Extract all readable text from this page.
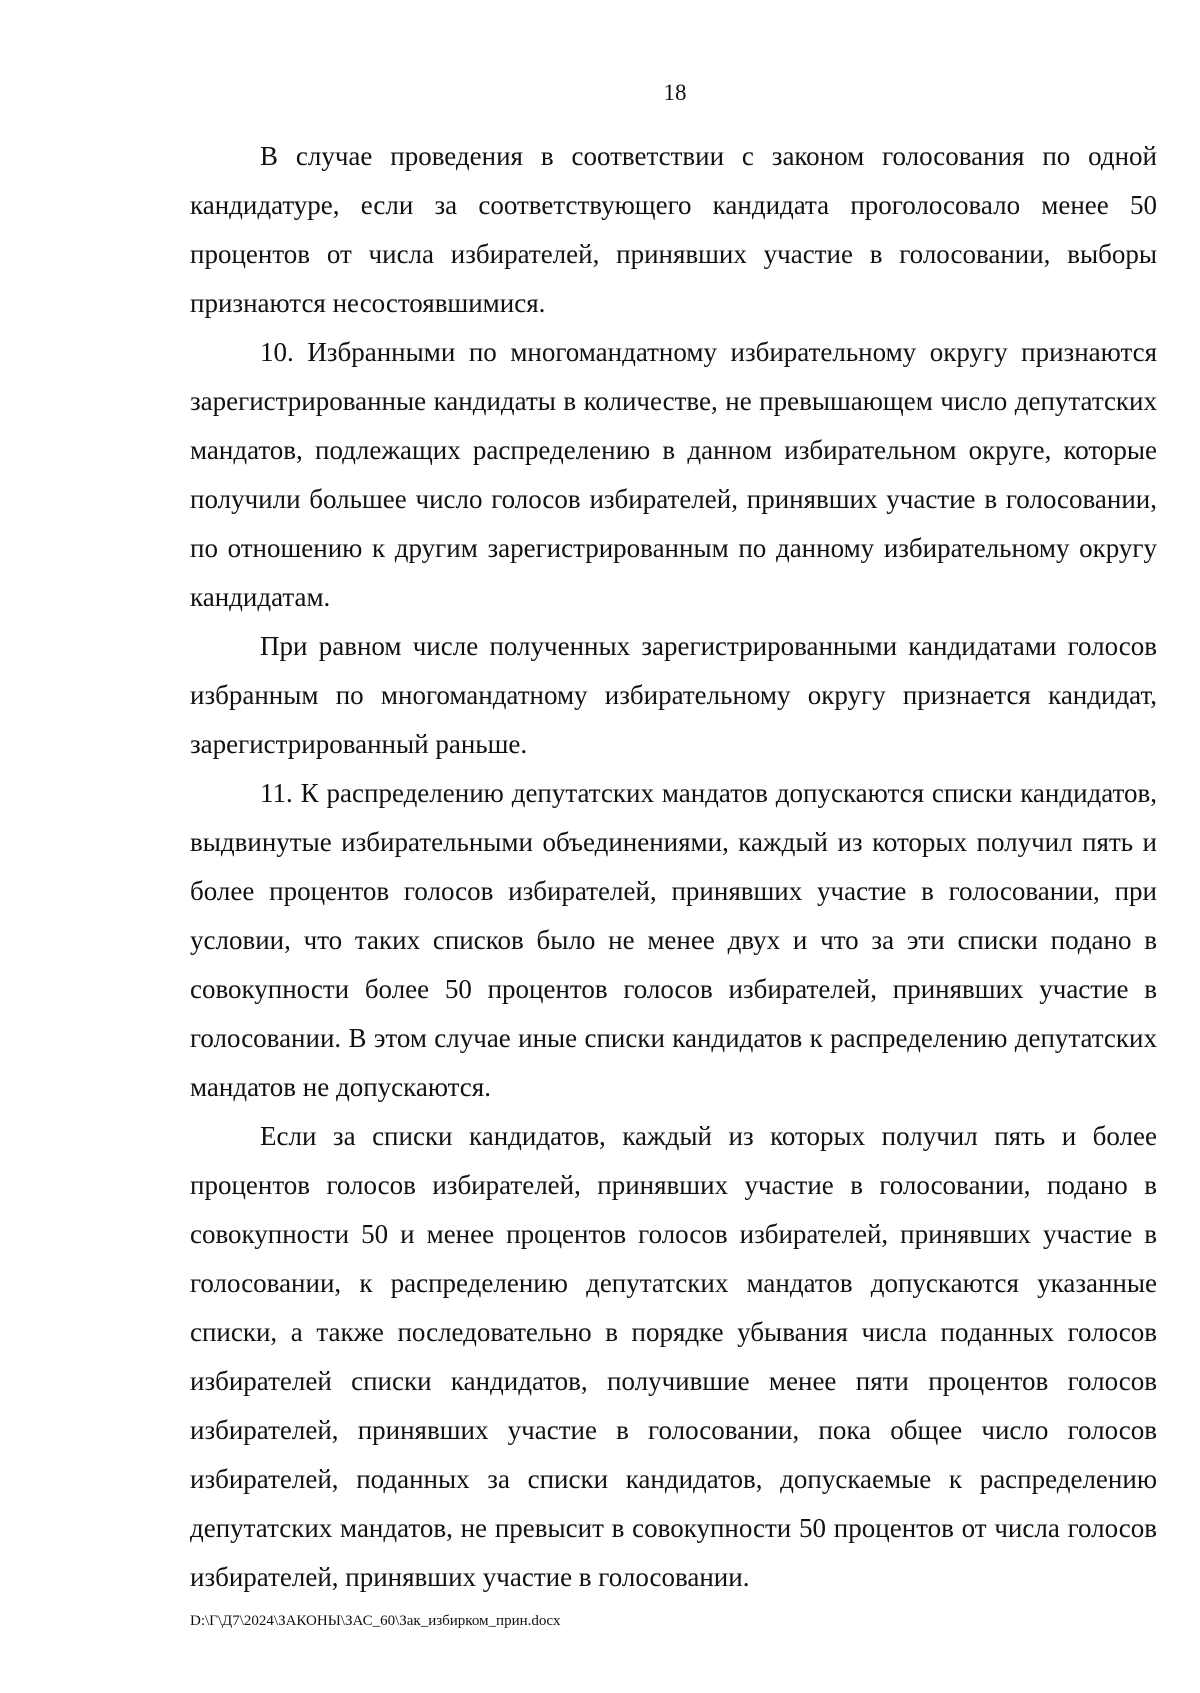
18

В случае проведения в соответствии с законом голосования по одной кандидатуре, если за соответствующего кандидата проголосовало менее 50 процентов от числа избирателей, принявших участие в голосовании, выборы признаются несостоявшимися.

10. Избранными по многомандатному избирательному округу признаются зарегистрированные кандидаты в количестве, не превышающем число депутатских мандатов, подлежащих распределению в данном избирательном округе, которые получили большее число голосов избирателей, принявших участие в голосовании, по отношению к другим зарегистрированным по данному избирательному округу кандидатам.

При равном числе полученных зарегистрированными кандидатами голосов избранным по многомандатному избирательному округу признается кандидат, зарегистрированный раньше.

11. К распределению депутатских мандатов допускаются списки кандидатов, выдвинутые избирательными объединениями, каждый из которых получил пять и более процентов голосов избирателей, принявших участие в голосовании, при условии, что таких списков было не менее двух и что за эти списки подано в совокупности более 50 процентов голосов избирателей, принявших участие в голосовании. В этом случае иные списки кандидатов к распределению депутатских мандатов не допускаются.

Если за списки кандидатов, каждый из которых получил пять и более процентов голосов избирателей, принявших участие в голосовании, подано в совокупности 50 и менее процентов голосов избирателей, принявших участие в голосовании, к распределению депутатских мандатов допускаются указанные списки, а также последовательно в порядке убывания числа поданных голосов избирателей списки кандидатов, получившие менее пяти процентов голосов избирателей, принявших участие в голосовании, пока общее число голосов избирателей, поданных за списки кандидатов, допускаемые к распределению депутатских мандатов, не превысит в совокупности 50 процентов от числа голосов избирателей, принявших участие в голосовании.

D:\Г\Д7\2024\ЗАКОНЫ\ЗАС_60\Зак_избирком_прин.docx
